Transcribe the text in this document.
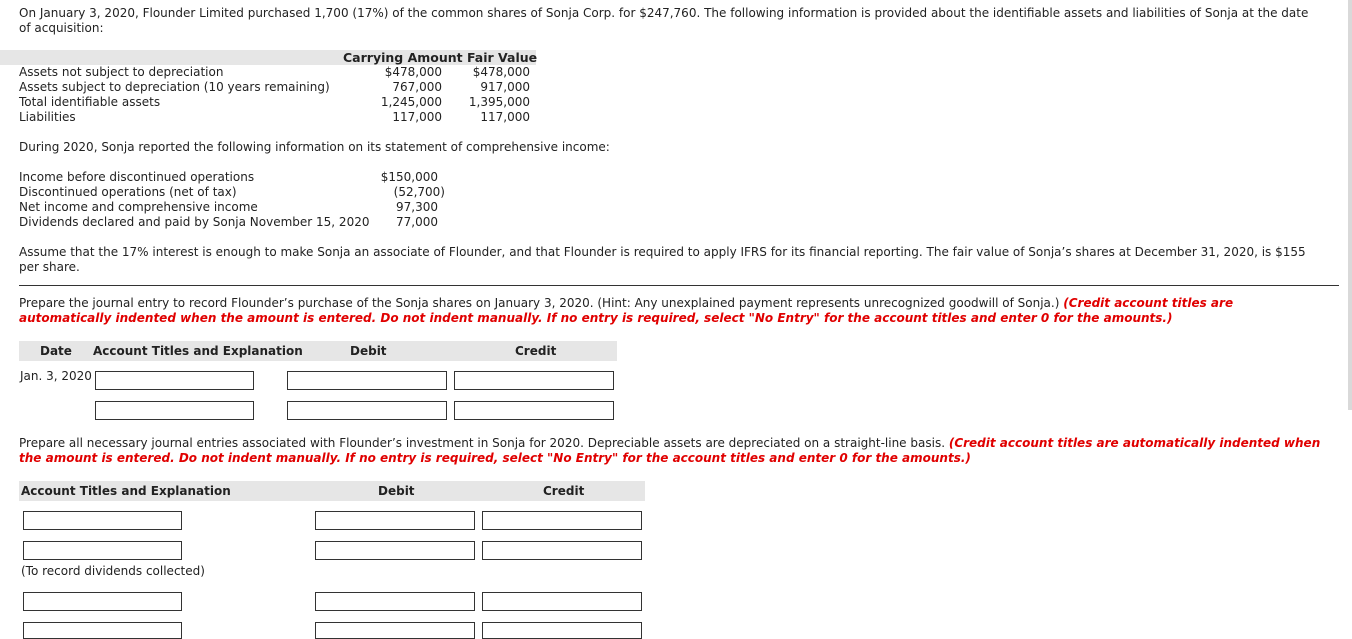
On January 3, 2020, Flounder Limited purchased 1,700 (17%) of the common shares of Sonja Corp. for $247,760. The following information is provided about the identifiable assets and liabilities of Sonja at the date
of acquisition:
Carrying Amount Fair Value
Assets not subject to depreciation	$478,000	$478,000
Assets subject to depreciation (10 years remaining)	767,000	917,000
Total identifiable assets	1,245,000	1,395,000
Liabilities	117,000	117,000
During 2020, Sonja reported the following information on its statement of comprehensive income:
Income before discontinued operations	$150,000
Discontinued operations (net of tax)	(52,700)
Net income and comprehensive income	97,300
Dividends declared and paid by Sonja November 15, 2020	77,000
Assume that the 17% interest is enough to make Sonja an associate of Flounder, and that Flounder is required to apply IFRS for its financial reporting. The fair value of Sonja’s shares at December 31, 2020, is $155
per share.
Prepare the journal entry to record Flounder’s purchase of the Sonja shares on January 3, 2020. (Hint: Any unexplained payment represents unrecognized goodwill of Sonja.) (Credit account titles are
automatically indented when the amount is entered. Do not indent manually. If no entry is required, select "No Entry" for the account titles and enter 0 for the amounts.)
Date Account Titles and Explanation	Debit	Credit
Jan. 3, 2020
Prepare all necessary journal entries associated with Flounder’s investment in Sonja for 2020. Depreciable assets are depreciated on a straight-line basis. (Credit account titles are automatically indented when
the amount is entered. Do not indent manually. If no entry is required, select "No Entry" for the account titles and enter 0 for the amounts.)
Account Titles and Explanation	Debit	Credit
(To record dividends collected)
